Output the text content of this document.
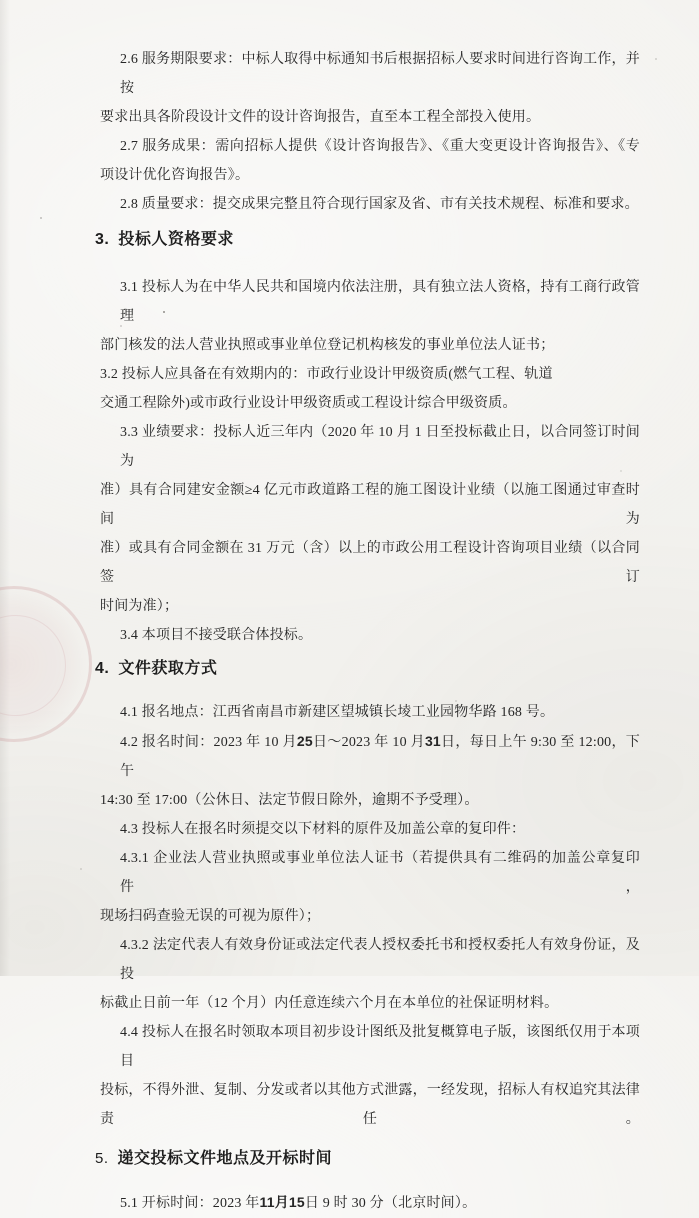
2.6 服务期限要求：中标人取得中标通知书后根据招标人要求时间进行咨询工作，并按
要求出具各阶段设计文件的设计咨询报告，直至本工程全部投入使用。
2.7 服务成果：需向招标人提供《设计咨询报告》、《重大变更设计咨询报告》、《专
项设计优化咨询报告》。
2.8 质量要求：提交成果完整且符合现行国家及省、市有关技术规程、标准和要求。
3. 投标人资格要求
3.1 投标人为在中华人民共和国境内依法注册，具有独立法人资格，持有工商行政管理
部门核发的法人营业执照或事业单位登记机构核发的事业单位法人证书；
3.2 投标人应具备在有效期内的：市政行业设计甲级资质(燃气工程、轨道
交通工程除外)或市政行业设计甲级资质或工程设计综合甲级资质。
3.3 业绩要求：投标人近三年内（2020 年 10 月 1 日至投标截止日，以合同签订时间为
准）具有合同建安金额≥4 亿元市政道路工程的施工图设计业绩（以施工图通过审查时间为
准）或具有合同金额在 31 万元（含）以上的市政公用工程设计咨询项目业绩（以合同签订
时间为准）；
3.4 本项目不接受联合体投标。
4. 文件获取方式
4.1 报名地点：江西省南昌市新建区望城镇长堎工业园物华路 168 号。
4.2 报名时间：2023 年 10 月25日～2023 年 10 月31日，每日上午 9:30 至 12:00，下午
14:30 至 17:00（公休日、法定节假日除外，逾期不予受理）。
4.3 投标人在报名时须提交以下材料的原件及加盖公章的复印件：
4.3.1 企业法人营业执照或事业单位法人证书（若提供具有二维码的加盖公章复印件，
现场扫码查验无误的可视为原件）；
4.3.2 法定代表人有效身份证或法定代表人授权委托书和授权委托人有效身份证，及投
标截止日前一年（12 个月）内任意连续六个月在本单位的社保证明材料。
4.4 投标人在报名时领取本项目初步设计图纸及批复概算电子版，该图纸仅用于本项目
投标，不得外泄、复制、分发或者以其他方式泄露，一经发现，招标人有权追究其法律责任。
5. 递交投标文件地点及开标时间
5.1 开标时间：2023 年11月15日 9 时 30 分（北京时间）。
